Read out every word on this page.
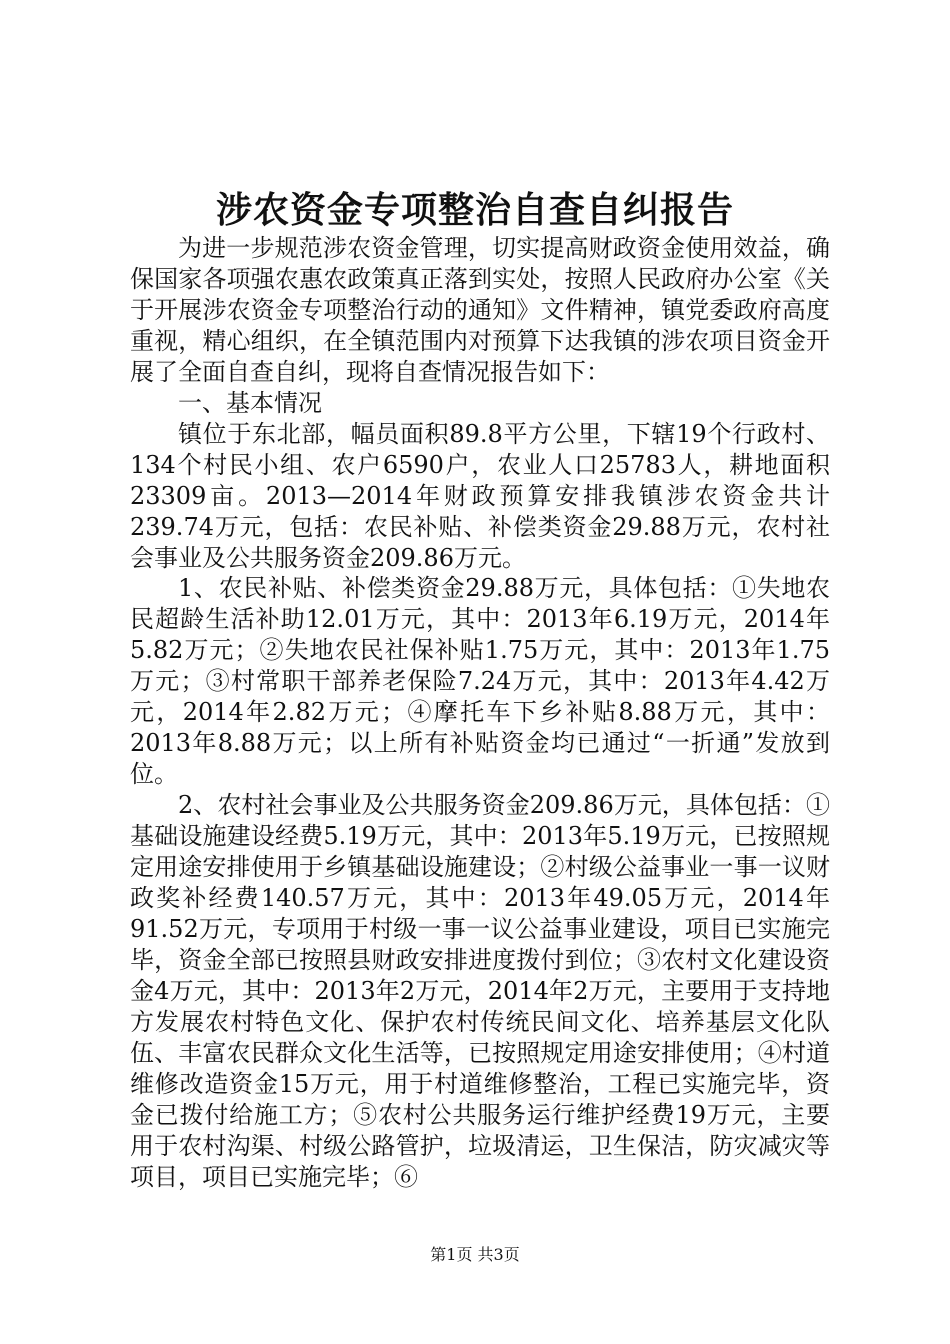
涉农资金专项整治自查自纠报告

为进一步规范涉农资金管理，切实提高财政资金使用效益，确保国家各项强农惠农政策真正落到实处，按照人民政府办公室《关于开展涉农资金专项整治行动的通知》文件精神，镇党委政府高度重视，精心组织，在全镇范围内对预算下达我镇的涉农项目资金开展了全面自查自纠，现将自查情况报告如下：

一、基本情况

镇位于东北部，幅员面积89.8平方公里，下辖19个行政村、134个村民小组、农户6590户，农业人口25783人，耕地面积23309亩。2013—2014年财政预算安排我镇涉农资金共计239.74万元，包括：农民补贴、补偿类资金29.88万元，农村社会事业及公共服务资金209.86万元。

1、农民补贴、补偿类资金29.88万元，具体包括：①失地农民超龄生活补助12.01万元，其中：2013年6.19万元，2014年5.82万元；②失地农民社保补贴1.75万元，其中：2013年1.75万元；③村常职干部养老保险7.24万元，其中：2013年4.42万元，2014年2.82万元；④摩托车下乡补贴8.88万元，其中：2013年8.88万元；以上所有补贴资金均已通过“一折通”发放到位。

2、农村社会事业及公共服务资金209.86万元，具体包括：①基础设施建设经费5.19万元，其中：2013年5.19万元，已按照规定用途安排使用于乡镇基础设施建设；②村级公益事业一事一议财政奖补经费140.57万元，其中：2013年49.05万元，2014年91.52万元，专项用于村级一事一议公益事业建设，项目已实施完毕，资金全部已按照县财政安排进度拨付到位；③农村文化建设资金4万元，其中：2013年2万元，2014年2万元，主要用于支持地方发展农村特色文化、保护农村传统民间文化、培养基层文化队伍、丰富农民群众文化生活等，已按照规定用途安排使用；④村道维修改造资金15万元，用于村道维修整治，工程已实施完毕，资金已拨付给施工方；⑤农村公共服务运行维护经费19万元，主要用于农村沟渠、村级公路管护，垃圾清运，卫生保洁，防灾减灾等项目，项目已实施完毕；⑥

第1页 共3页
